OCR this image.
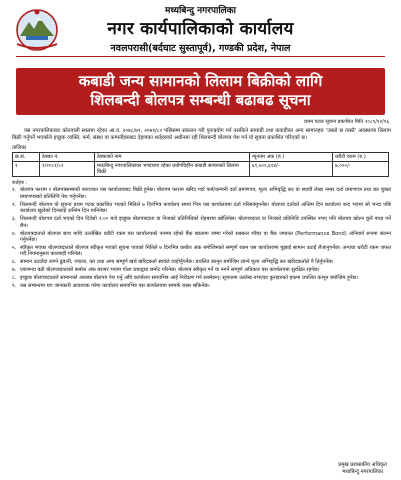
मध्यबिन्दु नगरपालिका
नगर कार्यपालिकाको कार्यालय
नवलपरासी(बर्दघाट सुस्तापूर्व), गण्डकी प्रदेश, नेपाल
कबाडी जन्य सामानको लिलाम बिक्रीको लागि
शिलबन्दी बोलपत्र सम्बन्धी बढाबढ सूचना
प्रथम पटक सूचना प्रकाशित मिति २०८९/१२/१६

यस नगरपालिकाका कोतवाली स्थलमा रहेका आ.व. २०७८/७९, २०७९/८० पछिसम्म संकलन गरी पुनःप्रयोग गर्न नसकिने सामाग्री तथा कवाडीका अन्य सामानहरु ‘जस्तो छ त्यस्तै’ अवस्थामा लिलाम बिक्री गर्नुपर्ने भएकोले इच्छुक व्यक्ति, फर्म, संस्था वा कम्पनीहरुबाट देहायका शर्तहरुको अधीनमा रही शिलबन्दी बोलपत्र पेश गर्न यो सूचना प्रकाशित गरिएको छ।

तालिका
क्र.सं.	ठेक्का नं.	ठेक्काको नाम	न्यूनतम अंक (रु.)	धरौटी रकम (रु.)
१	१/२०८१/८२	मध्यबिन्दु नगरपालिकाका भण्डारमा रहेका प्रयोगविहीन कबाडी सामानको लिलाम बिक्री	६९,५००,६१४/-	७,०००/-
शर्तहरु :
१. बोलपत्र फाराम र बोलपत्रसम्बन्धी कागजात यस कार्यालयबाट बिक्री हुनेछ। बोलपत्र फाराम खरिद गर्दा फर्म/कम्पनी दर्ता प्रमाणपत्र, मूल्य अभिवृद्धि कर वा स्थायी लेखा नम्बर दर्ता प्रमाणपत्र तथा कर चुक्ता प्रमाणपत्रको प्रतिलिपि पेश गर्नुपर्नेछ।
२. शिलबन्दी बोलपत्र यो सूचना प्रथम पटक प्रकाशित भएको मितिले ७ दिनभित्र कार्यालय समय भित्र यस कार्यालयमा दर्ता गरिसक्नुपर्नेछ। बोलपत्र दर्ताको अन्तिम दिन कार्यालय बन्द भएमा सो भन्दा पछि कार्यालय खुलेको दिनलाई अन्तिम दिन मानिनेछ।
३. शिलबन्दी बोलपत्र दर्ता भएको दिन दिउँसो २:०० बजे इच्छुक बोलपत्रदाता वा निजको प्रतिनिधिको रोहबरमा खोलिनेछ। बोलपत्रदाता वा निजको प्रतिनिधि उपस्थित नभए पनि बोलपत्र खोल्न कुनै बाधा पर्ने छैन।
४. बोलपत्रदाताले बोलपत्र साथ माथि उल्लेखित धरौटी रकम यस कार्यालयको नाममा रहेको बैंक खातामा जम्मा गरेको सक्कल भौचर वा बैंक जमानत (Performance Bond) अनिवार्य रूपमा संलग्न गर्नुपर्नेछ।
५. स्वीकृत भएका बोलपत्रदाताले बोलपत्र स्वीकृत भएको सूचना पाएको मितिले ७ दिनभित्र कबोल अंक बमोजिमको सम्पूर्ण रकम यस कार्यालयमा बुझाई सामान उठाई लैजानुपर्नेछ। अन्यथा धरौटी रकम जफत गरी नियमानुसार कारबाही गरिनेछ।
६. सामान उठाउँदा लाग्ने ढुवानी, ज्याला, कर तथा अन्य सम्पूर्ण खर्च खरिदकर्ता स्वयंले व्यहोर्नुपर्नेछ। प्रचलित कानून बमोजिम लाग्ने मूल्य अभिवृद्धि कर खरिदकर्ताले नै तिर्नुपर्नेछ।
७. एकभन्दा बढी बोलपत्रदाताको कबोल अंक बराबर भएमा गोला प्रथाद्वारा छनोट गरिनेछ। बोलपत्र स्वीकृत गर्ने वा नगर्ने सम्पूर्ण अधिकार यस कार्यालयमा सुरक्षित रहनेछ।
८. इच्छुक बोलपत्रदाताले सामानको अवस्था बोलपत्र पेश गर्नु अघि कार्यालय समयभित्र आई निरीक्षण गर्न सक्नेछन्। सूचनामा उल्लेख नभएका कुराहरुको हकमा प्रचलित कानून बमोजिम हुनेछ।
९. यस सम्बन्धमा थप जानकारी आवश्यक परेमा कार्यालय समयभित्र यस कार्यालयमा सम्पर्क राख्न सकिनेछ।
प्रमुख प्रशासकीय अधिकृत
मध्यबिन्दु नगरपालिका
